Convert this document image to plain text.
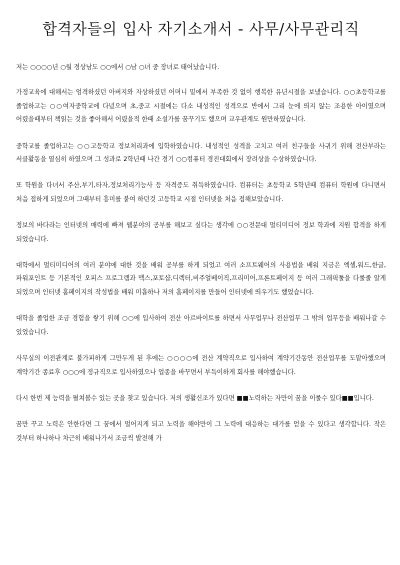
합격자들의 입사 자기소개서 - 사무/사무관리직

저는 ○○○○년 ○월 경상남도 ○○에서 ○남 ○녀 중 장녀로 태어났습니다.

가정교육에 대해서는 엄격하셨던 아버지와 자상하셨던 어머니 밑에서 부족한 것 없이 행복한 유년시절을 보냈습니다. ○○초등학교를 졸업하고는 ○○여자중학교에 다녔으며 초,중고 시절에는 다소 내성적인 성격으로 반에서 그리 눈에 띄지 않는 조용한 아이였으며 어렸을때부터 책읽는 것을 좋아해서 어렸을적 한때 소설가를 꿈꾸기도 했으며 교우관계도 원만하였습니다.

중학교를 졸업하고는 ○○고등학교 정보처리과에 입학하였습니다. 내성적인 성격을 고치고 여러 친구들을 사귀기 위해 전산부라는 서클활동을 열심히 하였으며 그 성과로 2학년때 나간 경기 ○○컴퓨터 경진대회에서 장려상을 수상하였습니다.

또 학원을 다녀서 주산,부기,타자,정보처리기능사 등 자격증도 취득하였습니다. 컴퓨터는 초등학교 5학년때 컴퓨터 학원에 다니면서 처음 접하게 되었으며 그때부터 흥미를 붙여 하던것 고등학교 시절 인터넷을 처음 접해보았습니다.

정보의 바다라는 인터넷의 매력에 빠져 웹분야의 공부를 해보고 싶다는 생각에 ○○전문대 멀티미디어 정보 학과에 지원 합격을 하게 되었습니다.

대학에서 멀티미디어의 여러 분야에 대한 것을 배워 공부를 하게 되었고 여러 소프트웨어의 사용법을 배워 지금은 엑셀,워드,한글,파워포인트 등 기본적인 오피스 프로그램과 맥스,포토샵,디렉터,비주얼베이직,프리미어,프론트페이지 등 여러 그래픽툴을 다룰줄 알게 되었으며 인터넷 홈페이지의 작성법을 배워 미흡하나 저의 홈페이지를 만들어 인터넷에 띄우기도 했었습니다.

대학을 졸업한 조금 경험을 쌓기 위해 ○○에 입사하여 전산 아르바이트를 하면서 사무업무나 전산업무 그 밖의 업무등을 배워나갈 수 있었습니다.

사무실의 이전관계로 불가피하게 그만두게 된 후에는 ○○○○에 전산 계약직으로 입사하여 계약기간동안 전산업무를 도맡아했으며 계약기간 종료후 ○○○에 정규직으로 입사하였으나 업종을 바꾸면서 부득이하게 회사를 해야했습니다.

다시 한번 제 능력을 펼쳐볼수 있는 곳을 찾고 있습니다. 저의 생활신조가 있다면 ■■노력하는 자만이 꿈을 이룰수 있다■■입니다.

꿈만 꾸고 노력은 안한다면 그 꿈에서 멀어지게 되고 노력을 해야만이 그 노력에 대응하는 대가를 얻을 수 있다고 생각합니다. 작은 것부터 하나하나 차근히 배워나가서 조금씩 발전해 가
